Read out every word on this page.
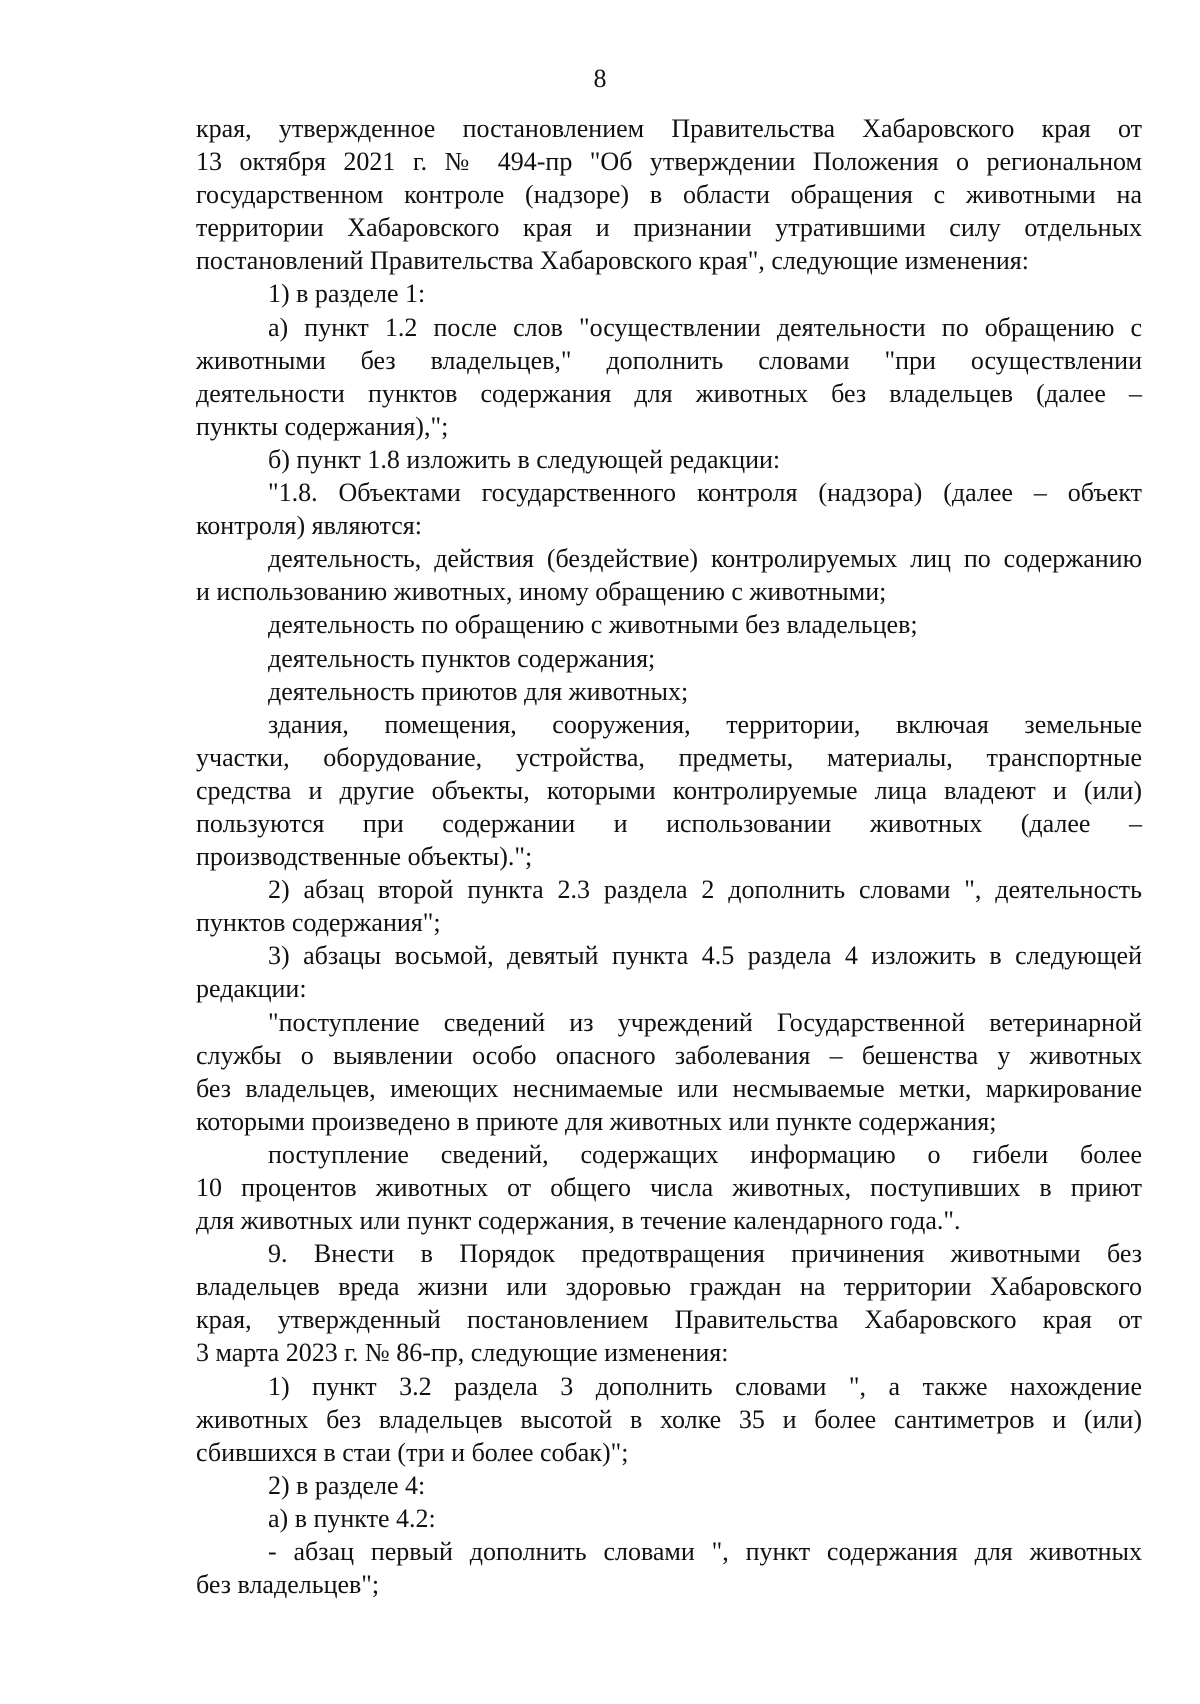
8
края, утвержденное постановлением Правительства Хабаровского края от
13 октября 2021 г. № 494-пр "Об утверждении Положения о региональном
государственном контроле (надзоре) в области обращения с животными на
территории Хабаровского края и признании утратившими силу отдельных
постановлений Правительства Хабаровского края", следующие изменения:
1) в разделе 1:
а) пункт 1.2 после слов "осуществлении деятельности по обращению с
животными без владельцев," дополнить словами "при осуществлении
деятельности пунктов содержания для животных без владельцев (далее –
пункты содержания),";
б) пункт 1.8 изложить в следующей редакции:
"1.8. Объектами государственного контроля (надзора) (далее – объект
контроля) являются:
деятельность, действия (бездействие) контролируемых лиц по содержанию
и использованию животных, иному обращению с животными;
деятельность по обращению с животными без владельцев;
деятельность пунктов содержания;
деятельность приютов для животных;
здания, помещения, сооружения, территории, включая земельные
участки, оборудование, устройства, предметы, материалы, транспортные
средства и другие объекты, которыми контролируемые лица владеют и (или)
пользуются при содержании и использовании животных (далее –
производственные объекты).";
2) абзац второй пункта 2.3 раздела 2 дополнить словами ", деятельность
пунктов содержания";
3) абзацы восьмой, девятый пункта 4.5 раздела 4 изложить в следующей
редакции:
"поступление сведений из учреждений Государственной ветеринарной
службы о выявлении особо опасного заболевания – бешенства у животных
без владельцев, имеющих неснимаемые или несмываемые метки, маркирование
которыми произведено в приюте для животных или пункте содержания;
поступление сведений, содержащих информацию о гибели более
10 процентов животных от общего числа животных, поступивших в приют
для животных или пункт содержания, в течение календарного года.".
9. Внести в Порядок предотвращения причинения животными без
владельцев вреда жизни или здоровью граждан на территории Хабаровского
края, утвержденный постановлением Правительства Хабаровского края от
3 марта 2023 г. № 86-пр, следующие изменения:
1) пункт 3.2 раздела 3 дополнить словами ", а также нахождение
животных без владельцев высотой в холке 35 и более сантиметров и (или)
сбившихся в стаи (три и более собак)";
2) в разделе 4:
а) в пункте 4.2:
- абзац первый дополнить словами ", пункт содержания для животных
без владельцев";
